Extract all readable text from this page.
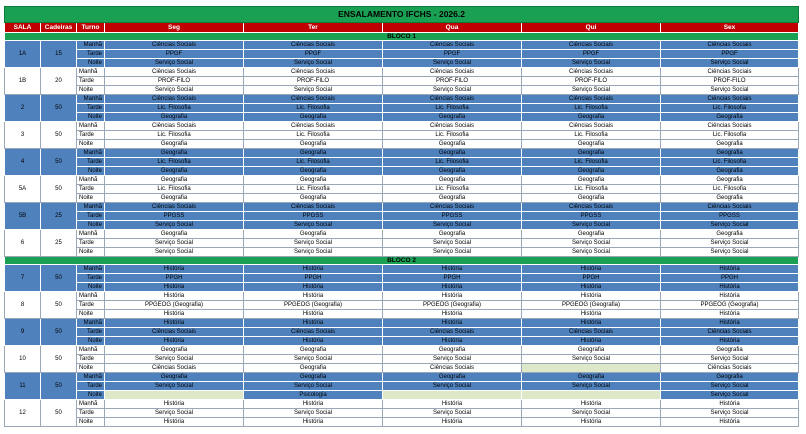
ENSALAMENTO IFCHS - 2026.2							
SALA	Cadeiras	Turno	Seg	Ter	Qua	Qui	Sex
BLOCO 1							
1A	15	Manhã	Ciências Sociais	Ciências Sociais	Ciências Sociais	Ciências Sociais	Ciências Sociais
		Tarde	PPGF	PPGF	PPGF	PPGF	PPGF
		Noite	Serviço Social	Serviço Social	Serviço Social	Serviço Social	Serviço Social
1B	20	Manhã	Ciências Sociais	Ciências Sociais	Ciências Sociais	Ciências Sociais	Ciências Sociais
		Tarde	PROF-FILO	PROF-FILO	PROF-FILO	PROF-FILO	PROF-FILO
		Noite	Serviço Social	Serviço Social	Serviço Social	Serviço Social	Serviço Social
2	50	Manhã	Ciências Sociais	Ciências Sociais	Ciências Sociais	Ciências Sociais	Ciências Sociais
		Tarde	Lic. Filosofia	Lic. Filosofia	Lic. Filosofia	Lic. Filosofia	Lic. Filosofia
		Noite	Geografia	Geografia	Geografia	Geografia	Geografia
3	50	Manhã	Ciências Sociais	Ciências Sociais	Ciências Sociais	Ciências Sociais	Ciências Sociais
		Tarde	Lic. Filosofia	Lic. Filosofia	Lic. Filosofia	Lic. Filosofia	Lic. Filosofia
		Noite	Geografia	Geografia	Geografia	Geografia	Geografia
4	50	Manhã	Geografia	Geografia	Geografia	Geografia	Geografia
		Tarde	Lic. Filosofia	Lic. Filosofia	Lic. Filosofia	Lic. Filosofia	Lic. Filosofia
		Noite	Geografia	Geografia	Geografia	Geografia	Geografia
5A	50	Manhã	Geografia	Geografia	Geografia	Geografia	Geografia
		Tarde	Lic. Filosofia	Lic. Filosofia	Lic. Filosofia	Lic. Filosofia	Lic. Filosofia
		Noite	Geografia	Geografia	Geografia	Geografia	Geografia
5B	25	Manhã	Ciências Sociais	Ciências Sociais	Ciências Sociais	Ciências Sociais	Ciências Sociais
		Tarde	PPGSS	PPGSS	PPGSS	PPGSS	PPGSS
		Noite	Serviço Social	Serviço Social	Serviço Social	Serviço Social	Serviço Social
6	25	Manhã	Geografia	Geografia	Geografia	Geografia	Geografia
		Tarde	Serviço Social	Serviço Social	Serviço Social	Serviço Social	Serviço Social
		Noite	Serviço Social	Serviço Social	Serviço Social	Serviço Social	Serviço Social
BLOCO 2							
7	50	Manhã	História	História	História	História	História
		Tarde	PPGH	PPGH	PPGH	PPGH	PPGH
		Noite	História	História	História	História	História
8	50	Manhã	História	História	História	História	História
		Tarde	PPGEOG (Geografia)	PPGEOG (Geografia)	PPGEOG (Geografia)	PPGEOG (Geografia)	PPGEOG (Geografia)
		Noite	História	História	História	História	História
9	50	Manhã	História	História	História	História	História
		Tarde	Ciências Sociais	Ciências Sociais	Ciências Sociais	Ciências Sociais	Ciências Sociais
		Noite	História	História	História	História	História
10	50	Manhã	Geografia	Geografia	Geografia	Geografia	Geografia
		Tarde	Serviço Social	Serviço Social	Serviço Social	Serviço Social	Serviço Social
		Noite	Ciências Sociais	Geografia	Ciências Sociais		Ciências Sociais
11	50	Manhã	Geografia	Geografia	Geografia	Geografia	Geografia
		Tarde	Serviço Social	Serviço Social	Serviço Social	Serviço Social	Serviço Social
		Noite		Psicologia			Serviço Social
12	50	Manhã	História	História	História	História	História
		Tarde	Serviço Social	Serviço Social	Serviço Social	Serviço Social	Serviço Social
		Noite	História	História	História	História	História
